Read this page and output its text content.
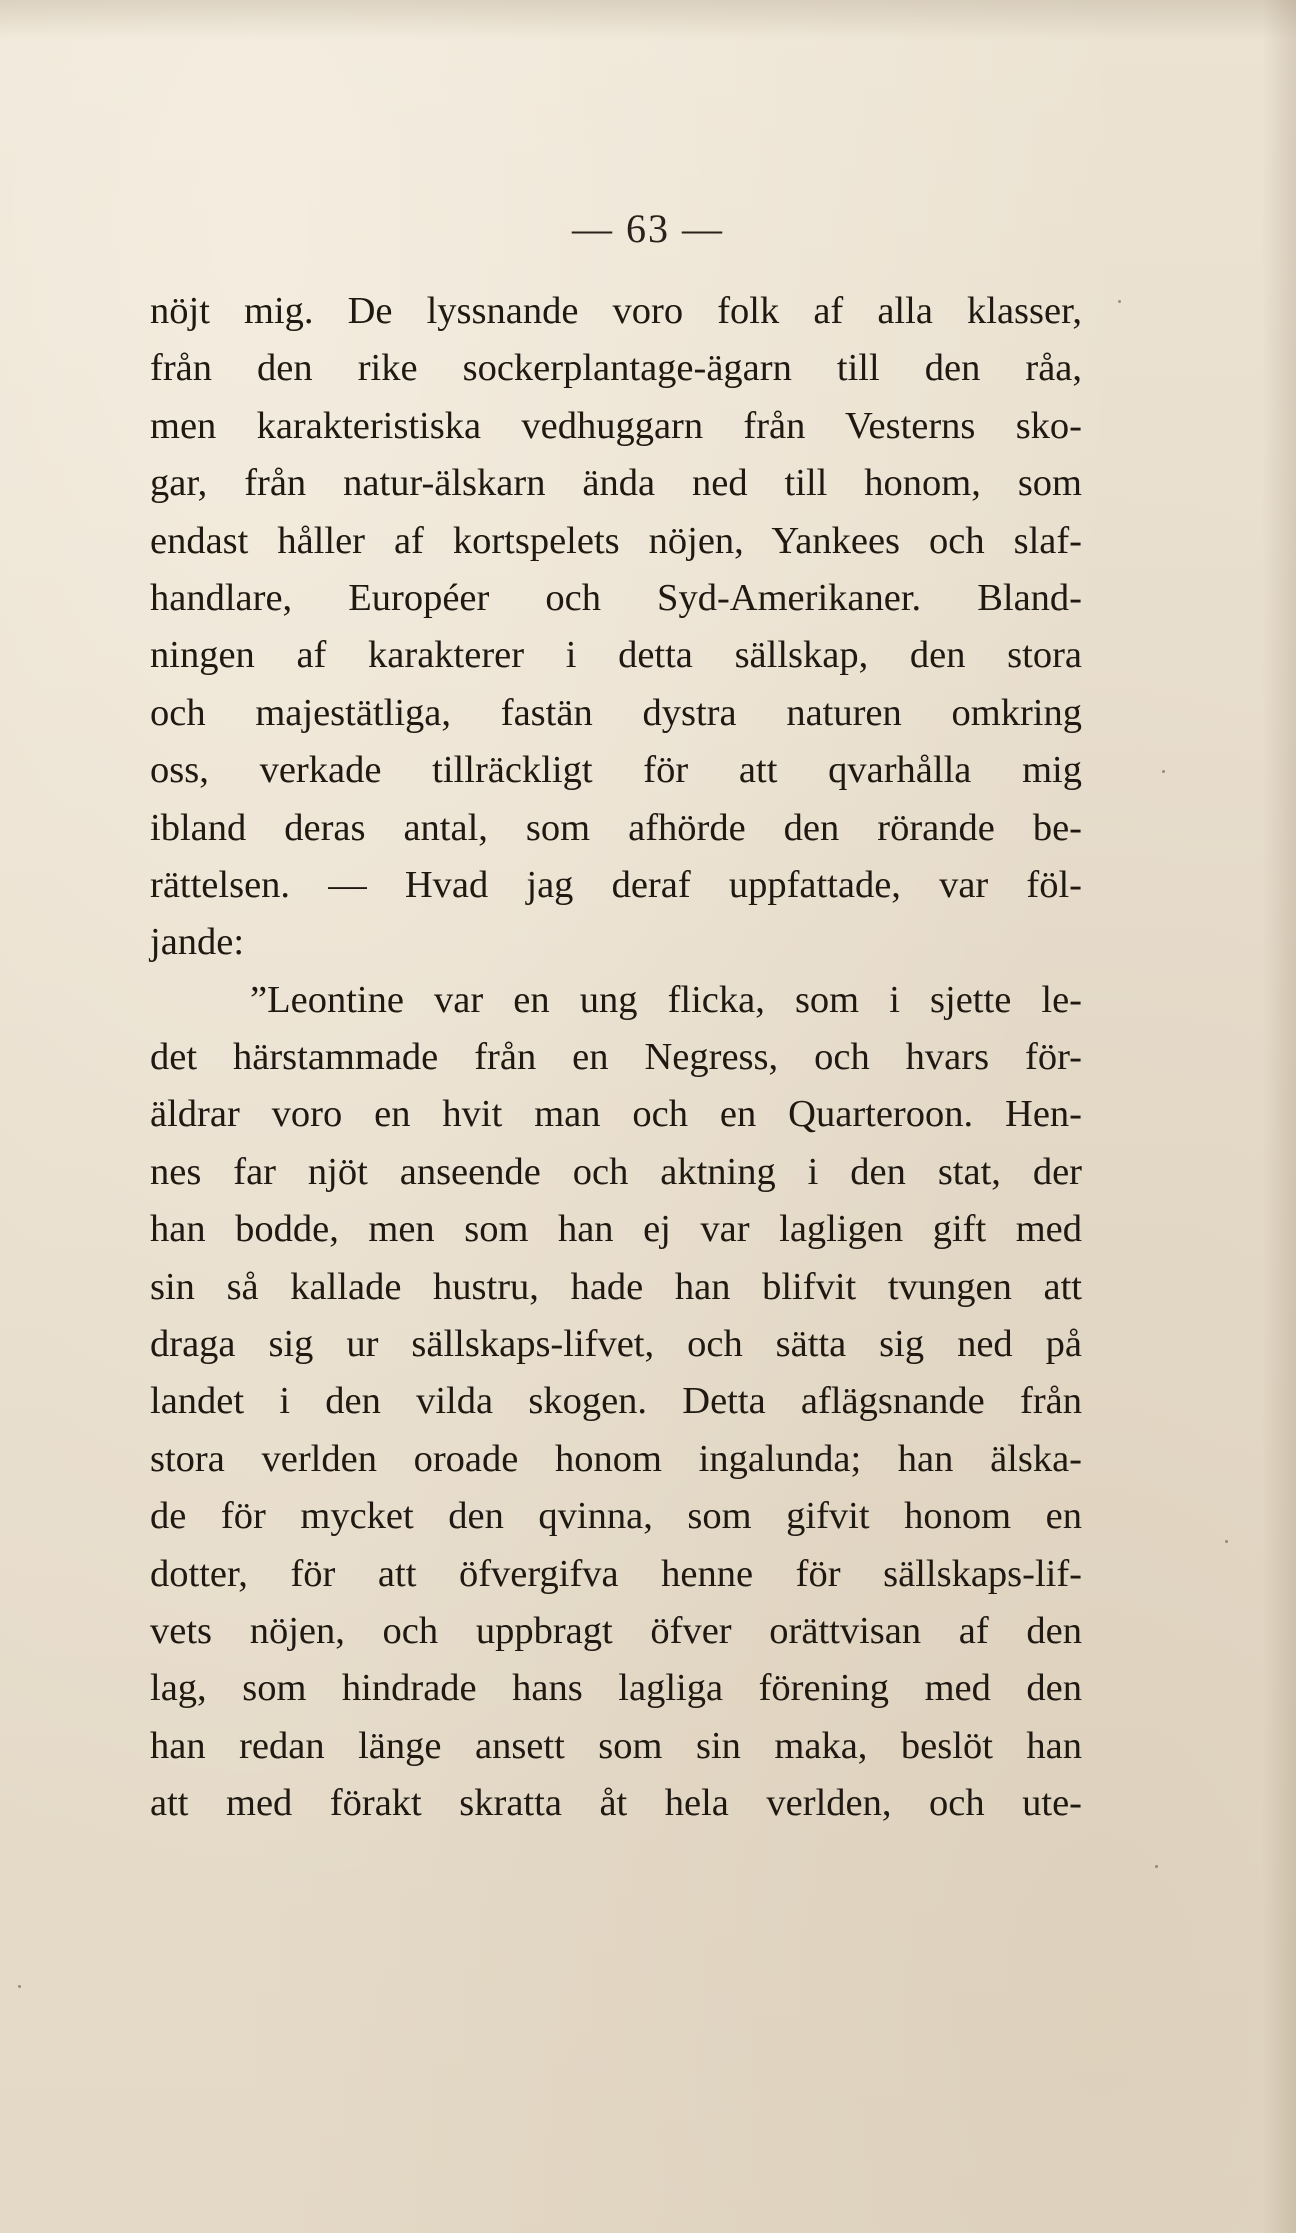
— 63 —
nöjt mig. De lyssnande voro folk af alla klasser,
från den rike sockerplantage-ägarn till den råa,
men karakteristiska vedhuggarn från Vesterns sko-
gar, från natur-älskarn ända ned till honom, som
endast håller af kortspelets nöjen, Yankees och slaf-
handlare, Européer och Syd-Amerikaner. Bland-
ningen af karakterer i detta sällskap, den stora
och majestätliga, fastän dystra naturen omkring
oss, verkade tillräckligt för att qvarhålla mig
ibland deras antal, som afhörde den rörande be-
rättelsen. — Hvad jag deraf uppfattade, var föl-
jande:
”Leontine var en ung flicka, som i sjette le-
det härstammade från en Negress, och hvars för-
äldrar voro en hvit man och en Quarteroon. Hen-
nes far njöt anseende och aktning i den stat, der
han bodde, men som han ej var lagligen gift med
sin så kallade hustru, hade han blifvit tvungen att
draga sig ur sällskaps-lifvet, och sätta sig ned på
landet i den vilda skogen. Detta aflägsnande från
stora verlden oroade honom ingalunda; han älska-
de för mycket den qvinna, som gifvit honom en
dotter, för att öfvergifva henne för sällskaps-lif-
vets nöjen, och uppbragt öfver orättvisan af den
lag, som hindrade hans lagliga förening med den
han redan länge ansett som sin maka, beslöt han
att med förakt skratta åt hela verlden, och ute-
